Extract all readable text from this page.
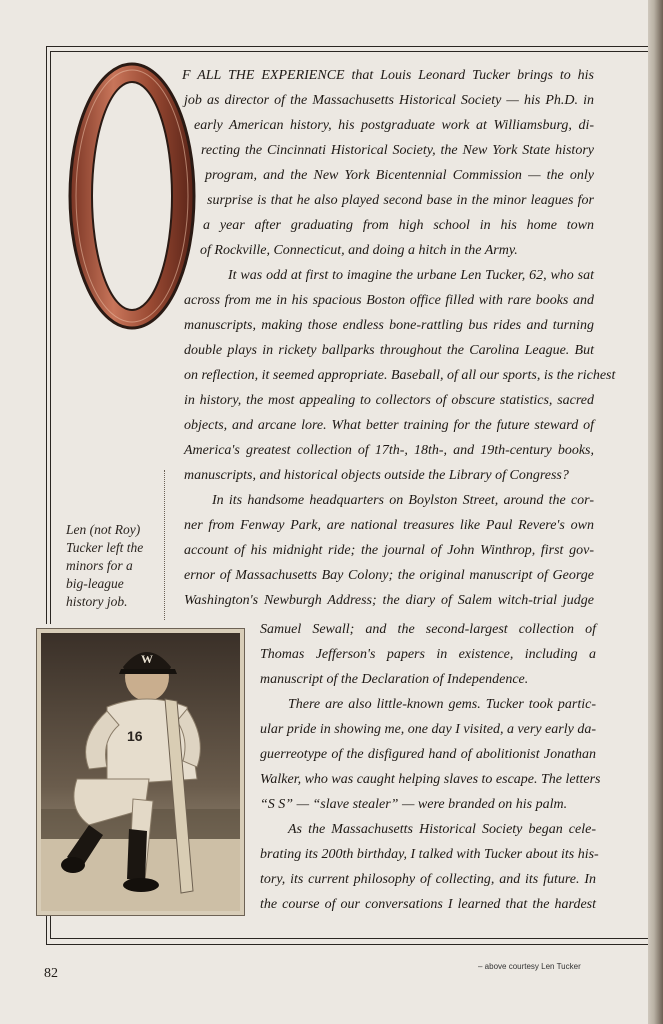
F ALL THE EXPERIENCE that Louis Leonard Tucker brings to his
job as director of the Massachusetts Historical Society — his Ph.D. in
early American history, his postgraduate work at Williamsburg, di-
recting the Cincinnati Historical Society, the New York State history
program, and the New York Bicentennial Commission — the only
surprise is that he also played second base in the minor leagues for
a year after graduating from high school in his home town
of Rockville, Connecticut, and doing a hitch in the Army.
It was odd at first to imagine the urbane Len Tucker, 62, who sat
across from me in his spacious Boston office filled with rare books and
manuscripts, making those endless bone-rattling bus rides and turning
double plays in rickety ballparks throughout the Carolina League. But
on reflection, it seemed appropriate. Baseball, of all our sports, is the richest
in history, the most appealing to collectors of obscure statistics, sacred
objects, and arcane lore. What better training for the future steward of
America's greatest collection of 17th-, 18th-, and 19th-century books,
manuscripts, and historical objects outside the Library of Congress?
In its handsome headquarters on Boylston Street, around the cor-
ner from Fenway Park, are national treasures like Paul Revere's own
account of his midnight ride; the journal of John Winthrop, first gov-
ernor of Massachusetts Bay Colony; the original manuscript of George
Washington's Newburgh Address; the diary of Salem witch-trial judge
Samuel Sewall; and the second-largest collection of
Thomas Jefferson's papers in existence, including a
manuscript of the Declaration of Independence.
There are also little-known gems. Tucker took partic-
ular pride in showing me, one day I visited, a very early da-
guerreotype of the disfigured hand of abolitionist Jonathan
Walker, who was caught helping slaves to escape. The letters
“S S” — “slave stealer” — were branded on his palm.
As the Massachusetts Historical Society began cele-
brating its 200th birthday, I talked with Tucker about its his-
tory, its current philosophy of collecting, and its future. In
the course of our conversations I learned that the hardest
Len (not Roy)
Tucker left the
minors for a
big-league
history job.
W
16
82	– above courtesy Len Tucker
